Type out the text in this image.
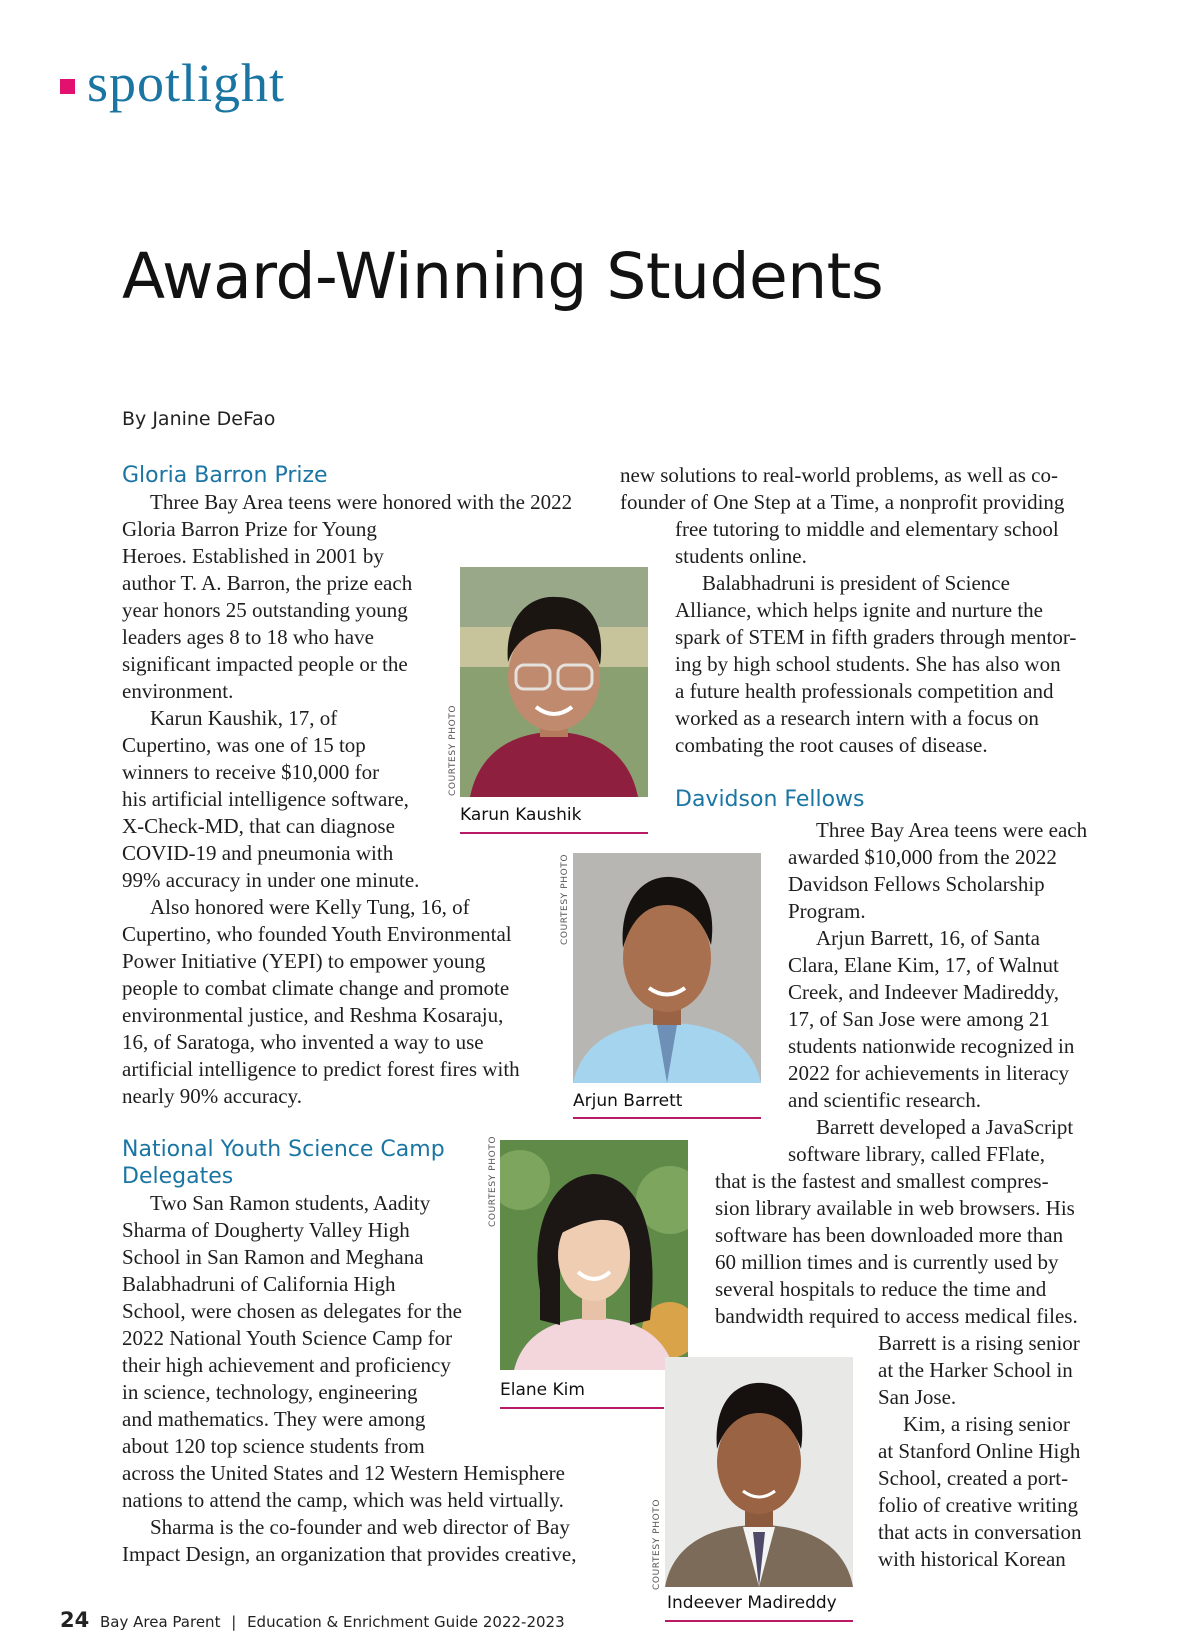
spotlight
Award-Winning Students
By Janine DeFao
Gloria Barron Prize
Three Bay Area teens were honored with the 2022
Gloria Barron Prize for Young
Heroes. Established in 2001 by
author T. A. Barron, the prize each
year honors 25 outstanding young
leaders ages 8 to 18 who have
significant impacted people or the
environment.
Karun Kaushik, 17, of
Cupertino, was one of 15 top
winners to receive $10,000 for
his artificial intelligence software,
X-Check-MD, that can diagnose
COVID-19 and pneumonia with
99% accuracy in under one minute.
Also honored were Kelly Tung, 16, of
Cupertino, who founded Youth Environmental
Power Initiative (YEPI) to empower young
people to combat climate change and promote
environmental justice, and Reshma Kosaraju,
16, of Saratoga, who invented a way to use
artificial intelligence to predict forest fires with
nearly 90% accuracy.
National Youth Science Camp
Delegates
Two San Ramon students, Aadity
Sharma of Dougherty Valley High
School in San Ramon and Meghana
Balabhadruni of California High
School, were chosen as delegates for the
2022 National Youth Science Camp for
their high achievement and proficiency
in science, technology, engineering
and mathematics. They were among
about 120 top science students from
across the United States and 12 Western Hemisphere
nations to attend the camp, which was held virtually.
Sharma is the co-founder and web director of Bay
Impact Design, an organization that provides creative,
new solutions to real-world problems, as well as co-
founder of One Step at a Time, a nonprofit providing
free tutoring to middle and elementary school
students online.
Balabhadruni is president of Science
Alliance, which helps ignite and nurture the
spark of STEM in fifth graders through mentor-
ing by high school students. She has also won
a future health professionals competition and
worked as a research intern with a focus on
combating the root causes of disease.
Davidson Fellows
Three Bay Area teens were each
awarded $10,000 from the 2022
Davidson Fellows Scholarship
Program.
Arjun Barrett, 16, of Santa
Clara, Elane Kim, 17, of Walnut
Creek, and Indeever Madireddy,
17, of San Jose were among 21
students nationwide recognized in
2022 for achievements in literacy
and scientific research.
Barrett developed a JavaScript
software library, called FFlate,
that is the fastest and smallest compres-
sion library available in web browsers. His
software has been downloaded more than
60 million times and is currently used by
several hospitals to reduce the time and
bandwidth required to access medical files.
Barrett is a rising senior
at the Harker School in
San Jose.
Kim, a rising senior
at Stanford Online High
School, created a port-
folio of creative writing
that acts in conversation
with historical Korean
COURTESY PHOTO
Karun Kaushik
COURTESY PHOTO
Arjun Barrett
COURTESY PHOTO
Elane Kim
COURTESY PHOTO
Indeever Madireddy
24 Bay Area Parent | Education & Enrichment Guide 2022-2023
